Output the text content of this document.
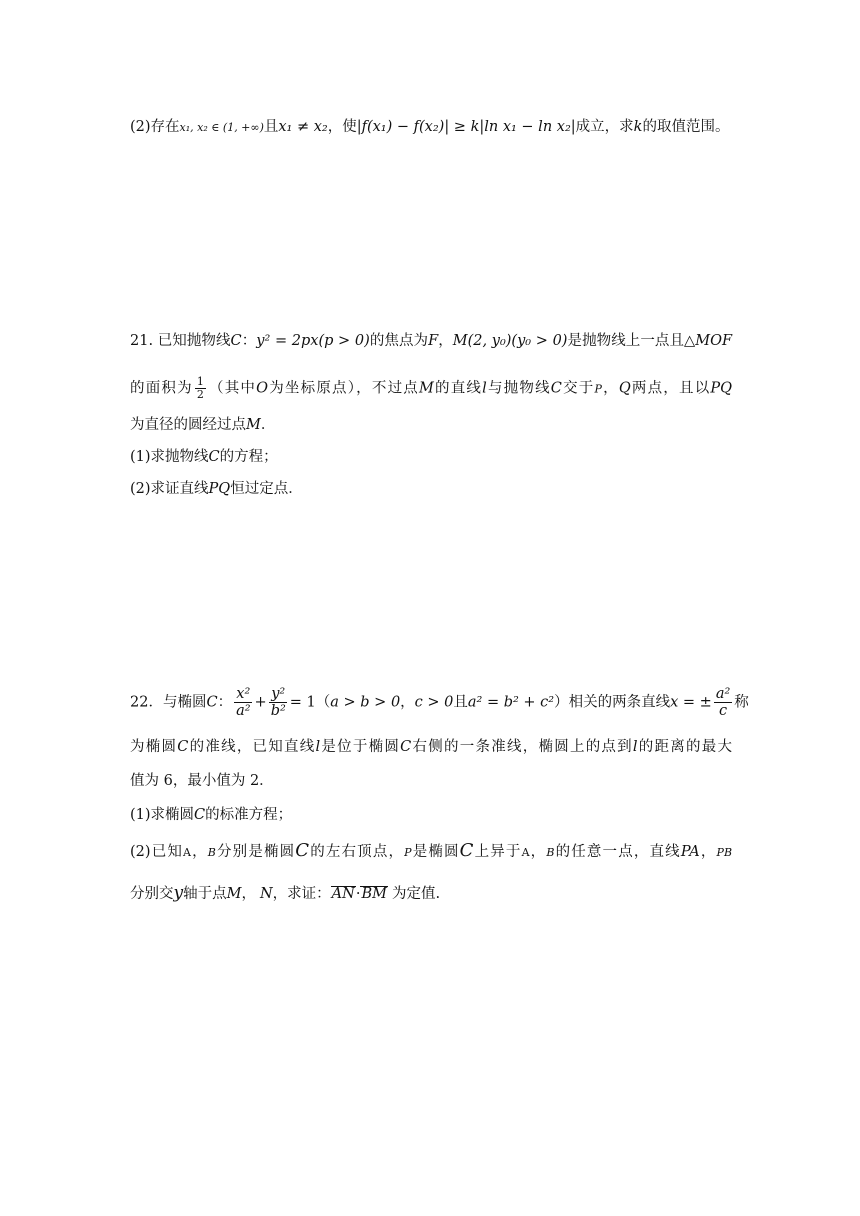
(2)存在x₁, x₂ ∈ (1, +∞)且x₁ ≠ x₂，使|f(x₁) − f(x₂)| ≥ k|ln x₁ − ln x₂|成立，求k的取值范围。
21. 已知抛物线C：y² = 2px(p > 0)的焦点为F，M(2, y₀)(y₀ > 0)是抛物线上一点且△MOF
的面积为 $\frac{1}{2}$ （其中O为坐标原点），不过点M的直线l与抛物线C交于P，Q两点，且以PQ
为直径的圆经过点M．
(1)求抛物线C的方程；
(2)求证直线PQ恒过定点．
22．与椭圆C： $\frac{\text{x²}}{\text{a²}} + \frac{\text{y²}}{\text{b²}} = 1(a > b > 0$，c > 0且a² = b² + c²）相关的两条直线x = ± $\frac{\text{a²}}{c}$ 称
为椭圆C的准线，已知直线l是位于椭圆C右侧的一条准线，椭圆上的点到l的距离的最大
值为 6，最小值为 2．
(1)求椭圆C的标准方程；
(2)已知A，B分别是椭圆C的左右顶点，P是椭圆C上异于A，B的任意一点，直线PA，PB
分别交y轴于点M， N，求证：AN·BM 为定值.
